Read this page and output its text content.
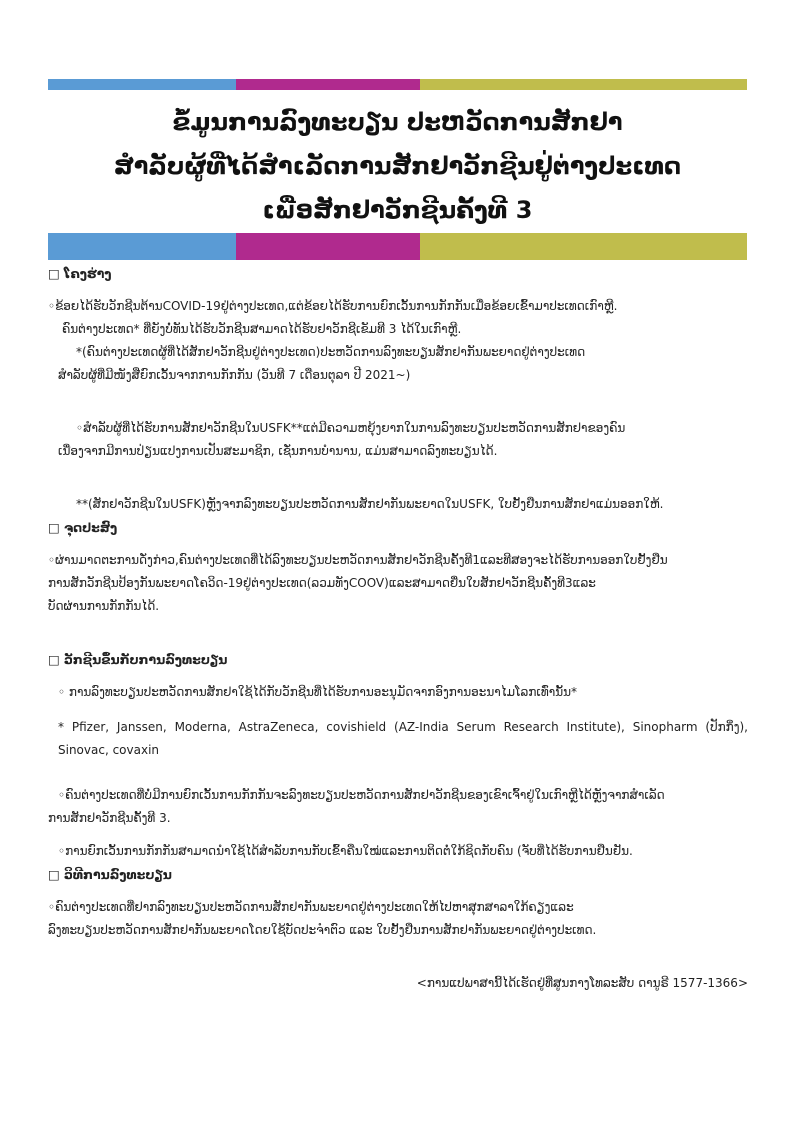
ຂໍ້ມູນການລົງທະບຽນ ປະຫວັດການສັກຢາ
ສຳລັບຜູ້ທີ່ໄດ້ສຳເລັດການສັກຢາວັກຊີນຢູ່ຕ່າງປະເທດ
ເພື່ອສັກຢາວັກຊີນຄັ້ງທີ 3

□ ໂຄງຮ່າງ

◦ຂ້ອຍໄດ້ຮັບວັກຊີນຕ້ານCOVID-19ຢູ່ຕ່າງປະເທດ,ແຕ່ຂ້ອຍໄດ້ຮັບການຍົກເວັ້ນການກັກກັນເມື່ອຂ້ອຍເຂົ້າມາປະເທດເກົາຫຼີ.

ຄົນຕ່າງປະເທດ* ທີ່ຍັງບໍ່ທັນໄດ້ຮັບວັກຊີນສາມາດໄດ້ຮັບຢາວັກຊີເຂັມທີ 3 ໄດ້ໃນເກົາຫຼີ.

*(ຄົນຕ່າງປະເທດຜູ້ທີ່ໄດ້ສັກຢາວັກຊີນຢູ່ຕ່າງປະເທດ)ປະຫວັດການລົງທະບຽນສັກຢາກັນພະຍາດຢູ່ຕ່າງປະເທດ

ສຳລັບຜູ້ທີ່ມີໜັງສືຍົກເວັ້ນຈາກການກັກກັນ (ວັນທີ 7 ເດືອນຕຸລາ ປີ 2021~)

◦ສຳລັບຜູ້ທີ່ໄດ້ຮັບການສັກຢາວັກຊີນໃນUSFK**ແຕ່ມີຄວາມຫຍຸ້ງຍາກໃນການລົງທະບຽນປະຫວັດການສັກຢາຂອງຄົນ

ເນື່ອງຈາກມີການປ່ຽນແປງການເປັນສະມາຊິກ, ເຊັ່ນການບຳນານ, ແມ່ນສາມາດລົງທະບຽນໄດ້.

**(ສັກຢາວັກຊີນໃນUSFK)ຫຼັງຈາກລົງທະບຽນປະຫວັດການສັກຢາກັນພະຍາດໃນUSFK, ໃບຢັ້ງຢືນການສັກຢາແມ່ນອອກໃຫ້.

□ ຈຸດປະສົງ

◦ຜ່ານມາດຕະການດັ່ງກ່າວ,ຄົນຕ່າງປະເທດທີ່ໄດ້ລົງທະບຽນປະຫວັດການສັກຢາວັກຊີນຄັ້ງທີ1ແລະທີສອງຈະໄດ້ຮັບການອອກໃບຢັ້ງຢືນ

ການສັກວັກຊີນປ້ອງກັນພະຍາດໂຄວິດ-19ຢູ່ຕ່າງປະເທດ(ລວມທັງCOOV)ແລະສາມາດຍື່ນໃບສັກຢາວັກຊີນຄັ້ງທີ3ແລະ

ບັດຜ່ານການກັກກັນໄດ້.

□ ວັກຊີນຂຶ້ນກັບການລົງທະບຽນ

◦ ການລົງທະບຽນປະຫວັດການສັກຢາໃຊ້ໄດ້ກັບວັກຊີນທີ່ໄດ້ຮັບການອະນຸມັດຈາກອົງການອະນາໄມໂລກເທົ່ານັ້ນ*

* Pfizer, Janssen, Moderna, AstraZeneca, covishield (AZ-India Serum Research Institute), Sinopharm (ປັກກິ່ງ), Sinovac, covaxin

◦ຄົນຕ່າງປະເທດທີ່ບໍ່ມີການຍົກເວັ້ນການກັກກັນຈະລົງທະບຽນປະຫວັດການສັກຢາວັກຊີນຂອງເຂົາເຈົ້າຢູ່ໃນເກົາຫຼີໄດ້ຫຼັງຈາກສຳເລັດ

ການສັກຢາວັກຊີນຄັ້ງທີ 3.

◦ການຍົກເວັ້ນການກັກກັນສາມາດນຳໃຊ້ໄດ້ສຳລັບການກັບເຂົ້າຄືນໃໝ່ແລະການຕິດຕໍ່ໃກ້ຊິດກັບຄົນ (ຈັບທີ່ໄດ້ຮັບການຢືນຢັນ.

□ ວິທີການລົງທະບຽນ

◦ຄົນຕ່າງປະເທດທີ່ຢາກລົງທະບຽນປະຫວັດການສັກຢາກັນພະຍາດຢູ່ຕ່າງປະເທດໃຫ້ໄປຫາສຸກສາລາໃກ້ຄຽງແລະ

ລົງທະບຽນປະຫວັດການສັກຢາກັນພະຍາດໂດຍໃຊ້ບັດປະຈຳຕົວ ແລະ ໃບຢັ້ງຢືນການສັກຢາກັນພະຍາດຢູ່ຕ່າງປະເທດ.

<ການແປພາສານີ້ໄດ້ເຮັດຢູ່ທີ່ສູນກາງໂທລະສັບ ດານູຣີ 1577-1366>
